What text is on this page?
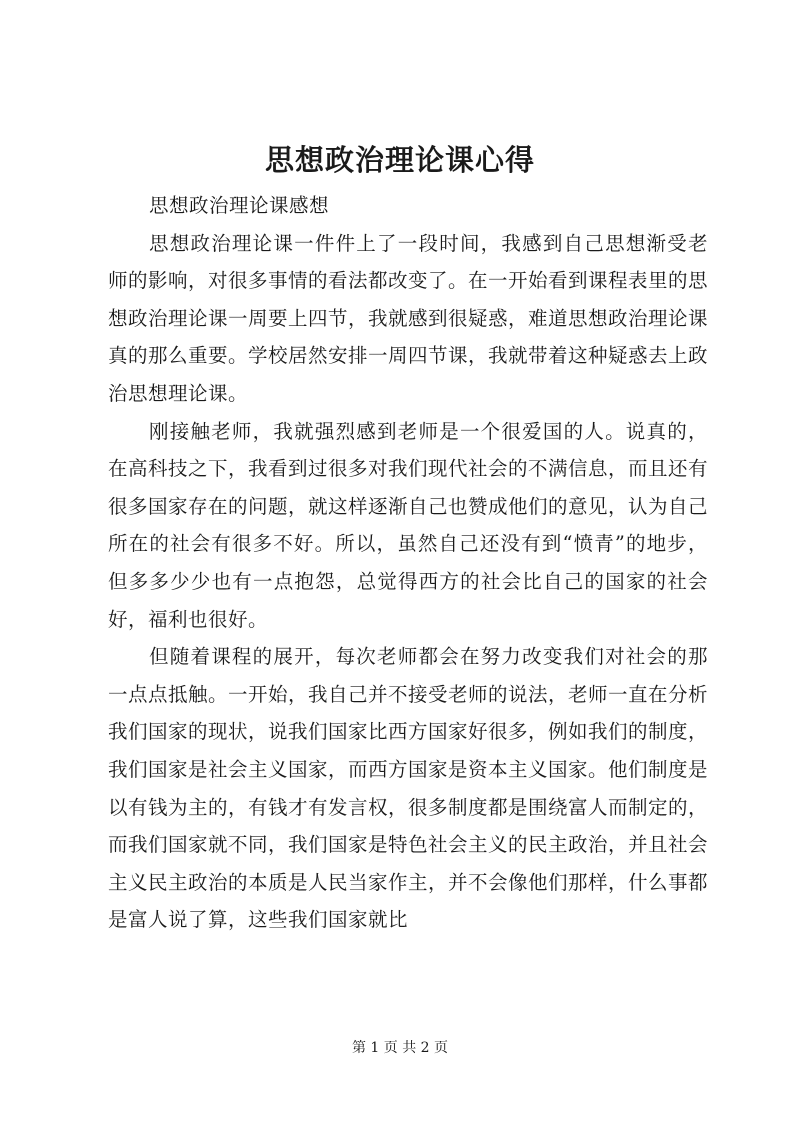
思想政治理论课心得

思想政治理论课感想

思想政治理论课一件件上了一段时间，我感到自己思想渐受老师的影响，对很多事情的看法都改变了。在一开始看到课程表里的思想政治理论课一周要上四节，我就感到很疑惑，难道思想政治理论课真的那么重要。学校居然安排一周四节课，我就带着这种疑惑去上政治思想理论课。

刚接触老师，我就强烈感到老师是一个很爱国的人。说真的，在高科技之下，我看到过很多对我们现代社会的不满信息，而且还有很多国家存在的问题，就这样逐渐自己也赞成他们的意见，认为自己所在的社会有很多不好。所以，虽然自己还没有到“愤青”的地步，但多多少少也有一点抱怨，总觉得西方的社会比自己的国家的社会好，福利也很好。

但随着课程的展开，每次老师都会在努力改变我们对社会的那一点点抵触。一开始，我自己并不接受老师的说法，老师一直在分析我们国家的现状，说我们国家比西方国家好很多，例如我们的制度，我们国家是社会主义国家，而西方国家是资本主义国家。他们制度是以有钱为主的，有钱才有发言权，很多制度都是围绕富人而制定的，而我们国家就不同，我们国家是特色社会主义的民主政治，并且社会主义民主政治的本质是人民当家作主，并不会像他们那样，什么事都是富人说了算，这些我们国家就比

第 1 页 共 2 页
